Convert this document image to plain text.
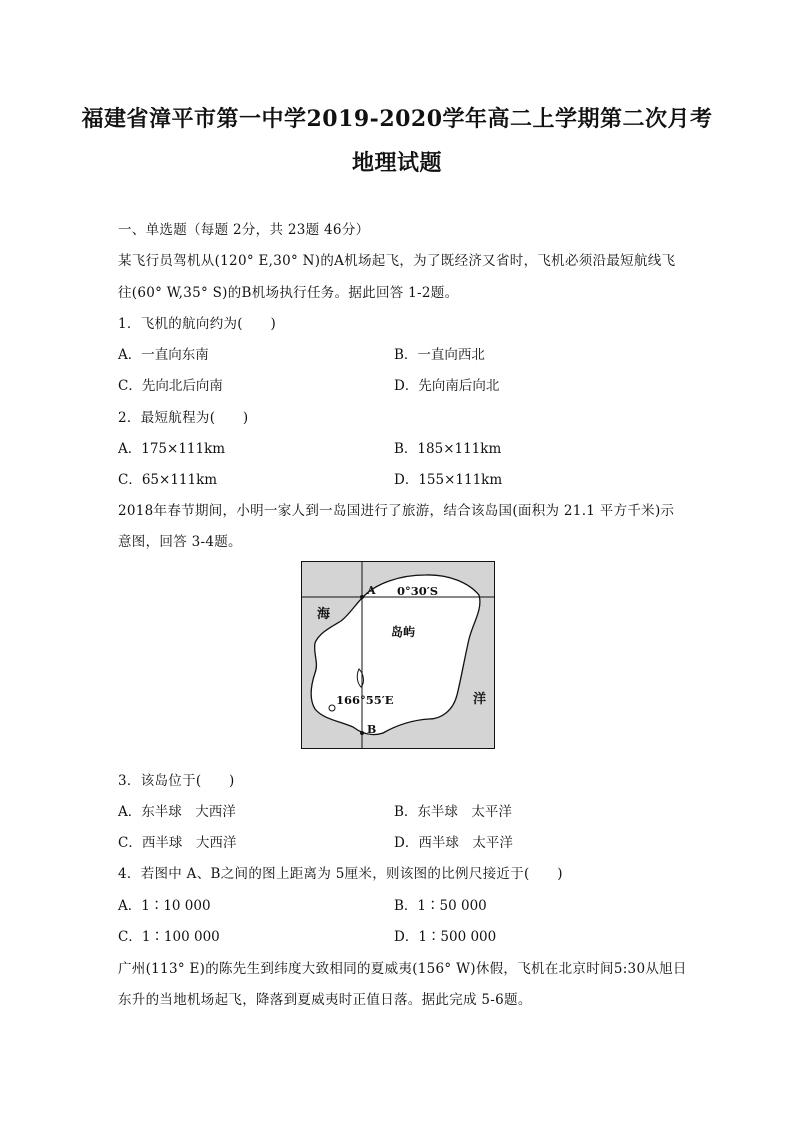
福建省漳平市第一中学2019-2020学年高二上学期第二次月考
地理试题
一、单选题（每题 2分，共 23题 46分）
某飞行员驾机从(120° E,30° N)的A机场起飞，为了既经济又省时，飞机必须沿最短航线飞
往(60° W,35° S)的B机场执行任务。据此回答 1-2题。
1．飞机的航向约为(　　)
A．一直向东南	B．一直向西北
C．先向北后向南	D．先向南后向北
2．最短航程为(　　)
A．175×111km	B．185×111km
C．65×111km	D．155×111km
2018年春节期间，小明一家人到一岛国进行了旅游，结合该岛国(面积为 21.1 平方千米)示
意图，回答 3-4题。
A
B
0°30′S
166°55′E
海
岛屿
洋
3．该岛位于(　　)
A．东半球　大西洋	B．东半球　太平洋
C．西半球　大西洋	D．西半球　太平洋
4．若图中 A、B之间的图上距离为 5厘米，则该图的比例尺接近于(　　)
A．1∶10 000	B．1∶50 000
C．1∶100 000	D．1∶500 000
广州(113° E)的陈先生到纬度大致相同的夏威夷(156° W)休假，飞机在北京时间5:30从旭日
东升的当地机场起飞，降落到夏威夷时正值日落。据此完成 5-6题。
